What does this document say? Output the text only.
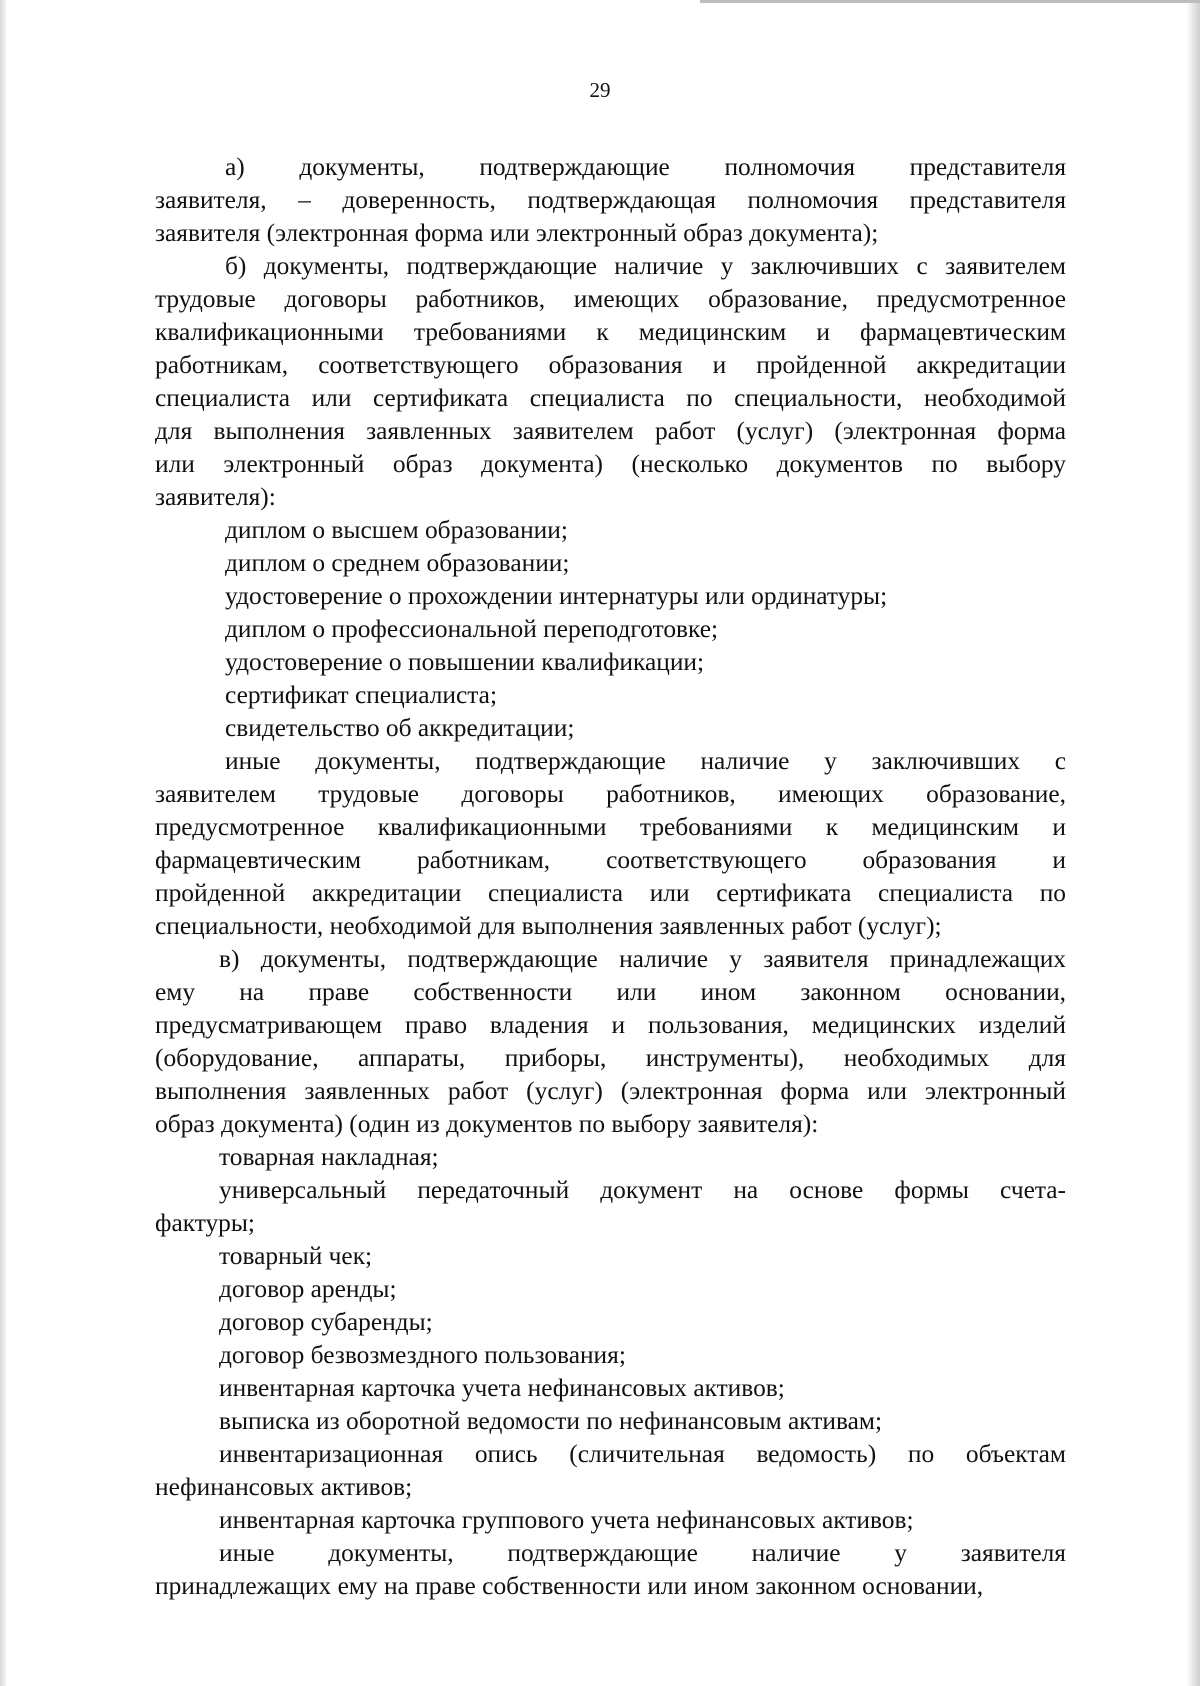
29

а) документы, подтверждающие полномочия представителя

заявителя, – доверенность, подтверждающая полномочия представителя

заявителя (электронная форма или электронный образ документа);

б) документы, подтверждающие наличие у заключивших с заявителем

трудовые договоры работников, имеющих образование, предусмотренное

квалификационными требованиями к медицинским и фармацевтическим

работникам, соответствующего образования и пройденной аккредитации

специалиста или сертификата специалиста по специальности, необходимой

для выполнения заявленных заявителем работ (услуг) (электронная форма

или электронный образ документа) (несколько документов по выбору

заявителя):

диплом о высшем образовании;

диплом о среднем образовании;

удостоверение о прохождении интернатуры или ординатуры;

диплом о профессиональной переподготовке;

удостоверение о повышении квалификации;

сертификат специалиста;

свидетельство об аккредитации;

иные документы, подтверждающие наличие у заключивших с

заявителем трудовые договоры работников, имеющих образование,

предусмотренное квалификационными требованиями к медицинским и

фармацевтическим работникам, соответствующего образования и

пройденной аккредитации специалиста или сертификата специалиста по

специальности, необходимой для выполнения заявленных работ (услуг);

в) документы, подтверждающие наличие у заявителя принадлежащих

ему на праве собственности или ином законном основании,

предусматривающем право владения и пользования, медицинских изделий

(оборудование, аппараты, приборы, инструменты), необходимых для

выполнения заявленных работ (услуг) (электронная форма или электронный

образ документа) (один из документов по выбору заявителя):

товарная накладная;

универсальный передаточный документ на основе формы счета-

фактуры;

товарный чек;

договор аренды;

договор субаренды;

договор безвозмездного пользования;

инвентарная карточка учета нефинансовых активов;

выписка из оборотной ведомости по нефинансовым активам;

инвентаризационная опись (сличительная ведомость) по объектам

нефинансовых активов;

инвентарная карточка группового учета нефинансовых активов;

иные документы, подтверждающие наличие у заявителя

принадлежащих ему на праве собственности или ином законном основании,
